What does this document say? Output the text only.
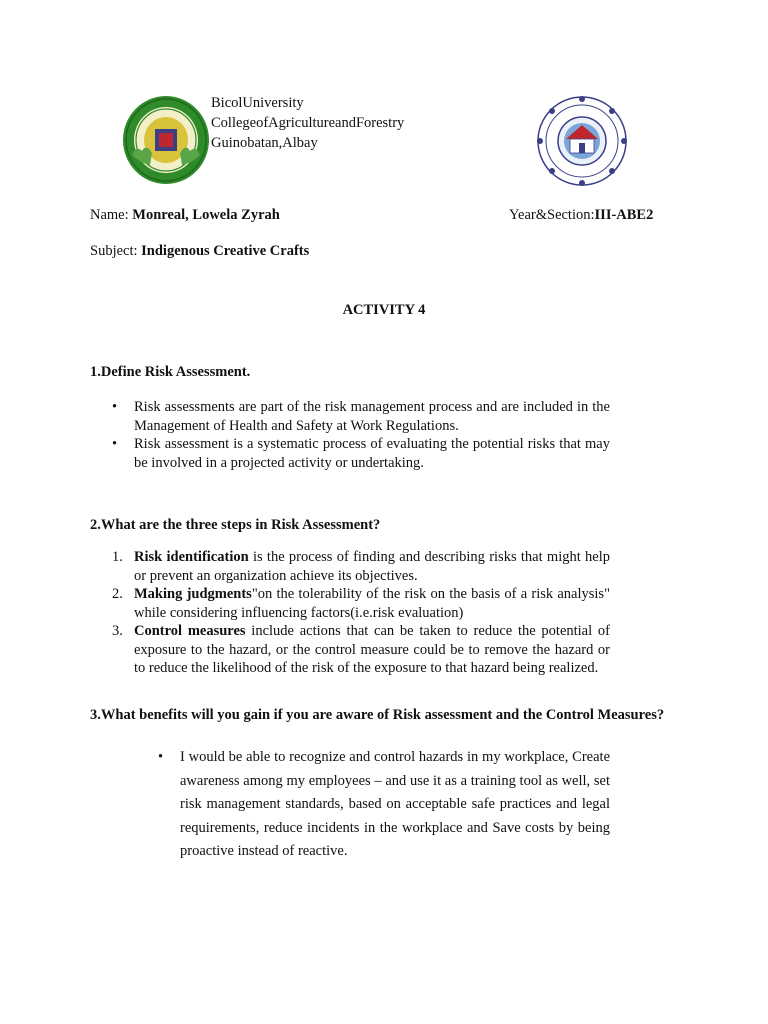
BicolUniversity
CollegeofAgricultureandForestry
Guinobatan,Albay
Name: Monreal, Lowela Zyrah	Year&Section:III-ABE2
Subject: Indigenous Creative Crafts
ACTIVITY 4
1.Define Risk Assessment.
• Risk assessments are part of the risk management process and are included in the Management of Health and Safety at Work Regulations.
• Risk assessment is a systematic process of evaluating the potential risks that may be involved in a projected activity or undertaking.
2.What are the three steps in Risk Assessment?
1. Risk identification is the process of finding and describing risks that might help or prevent an organization achieve its objectives.
2. Making judgments"on the tolerability of the risk on the basis of a risk analysis" while considering influencing factors(i.e.risk evaluation)
3. Control measures include actions that can be taken to reduce the potential of exposure to the hazard, or the control measure could be to remove the hazard or to reduce the likelihood of the risk of the exposure to that hazard being realized.
3.What benefits will you gain if you are aware of Risk assessment and the Control Measures?
• I would be able to recognize and control hazards in my workplace, Create awareness among my employees – and use it as a training tool as well, set risk management standards, based on acceptable safe practices and legal requirements, reduce incidents in the workplace and Save costs by being proactive instead of reactive.
